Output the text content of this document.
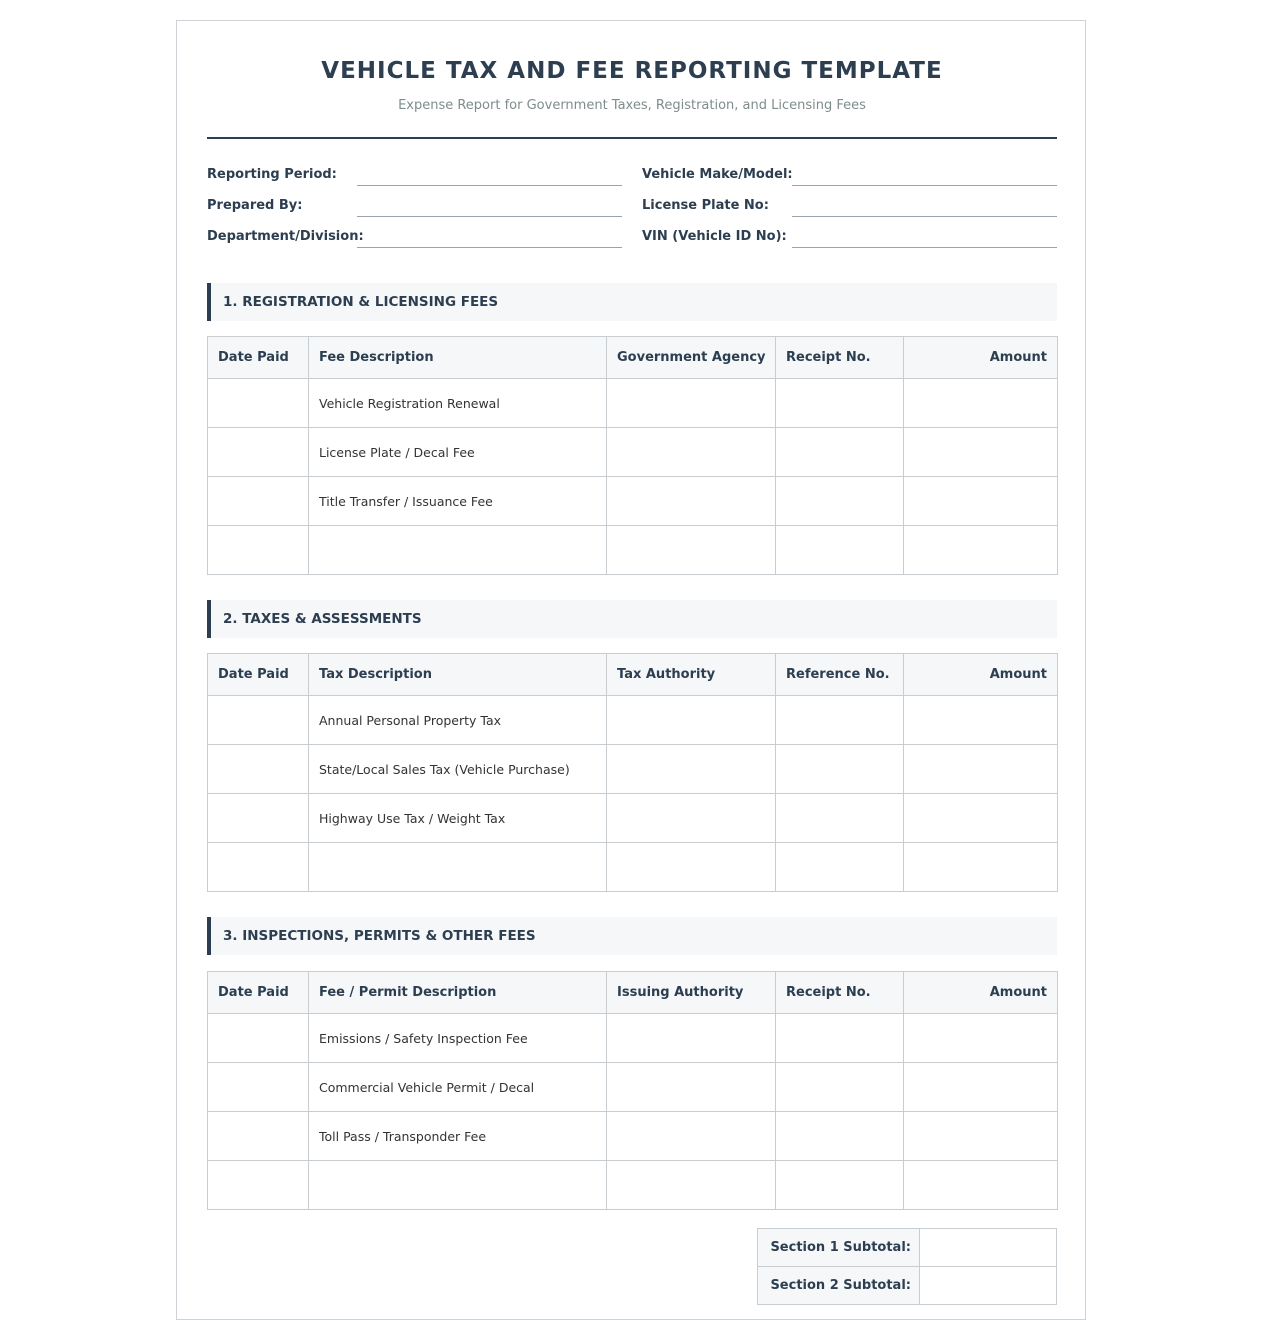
VEHICLE TAX AND FEE REPORTING TEMPLATE
Expense Report for Government Taxes, Registration, and Licensing Fees
Reporting Period:	Vehicle Make/Model:
Prepared By:	License Plate No:
Department/Division:	VIN (Vehicle ID No):
1. REGISTRATION & LICENSING FEES
Date Paid	Fee Description	Government Agency	Receipt No.	Amount
	Vehicle Registration Renewal			
	License Plate / Decal Fee			
	Title Transfer / Issuance Fee			

2. TAXES & ASSESSMENTS
Date Paid	Tax Description	Tax Authority	Reference No.	Amount
	Annual Personal Property Tax			
	State/Local Sales Tax (Vehicle Purchase)			
	Highway Use Tax / Weight Tax			

3. INSPECTIONS, PERMITS & OTHER FEES
Date Paid	Fee / Permit Description	Issuing Authority	Receipt No.	Amount
	Emissions / Safety Inspection Fee			
	Commercial Vehicle Permit / Decal			
	Toll Pass / Transponder Fee			

Section 1 Subtotal:	
Section 2 Subtotal:	
